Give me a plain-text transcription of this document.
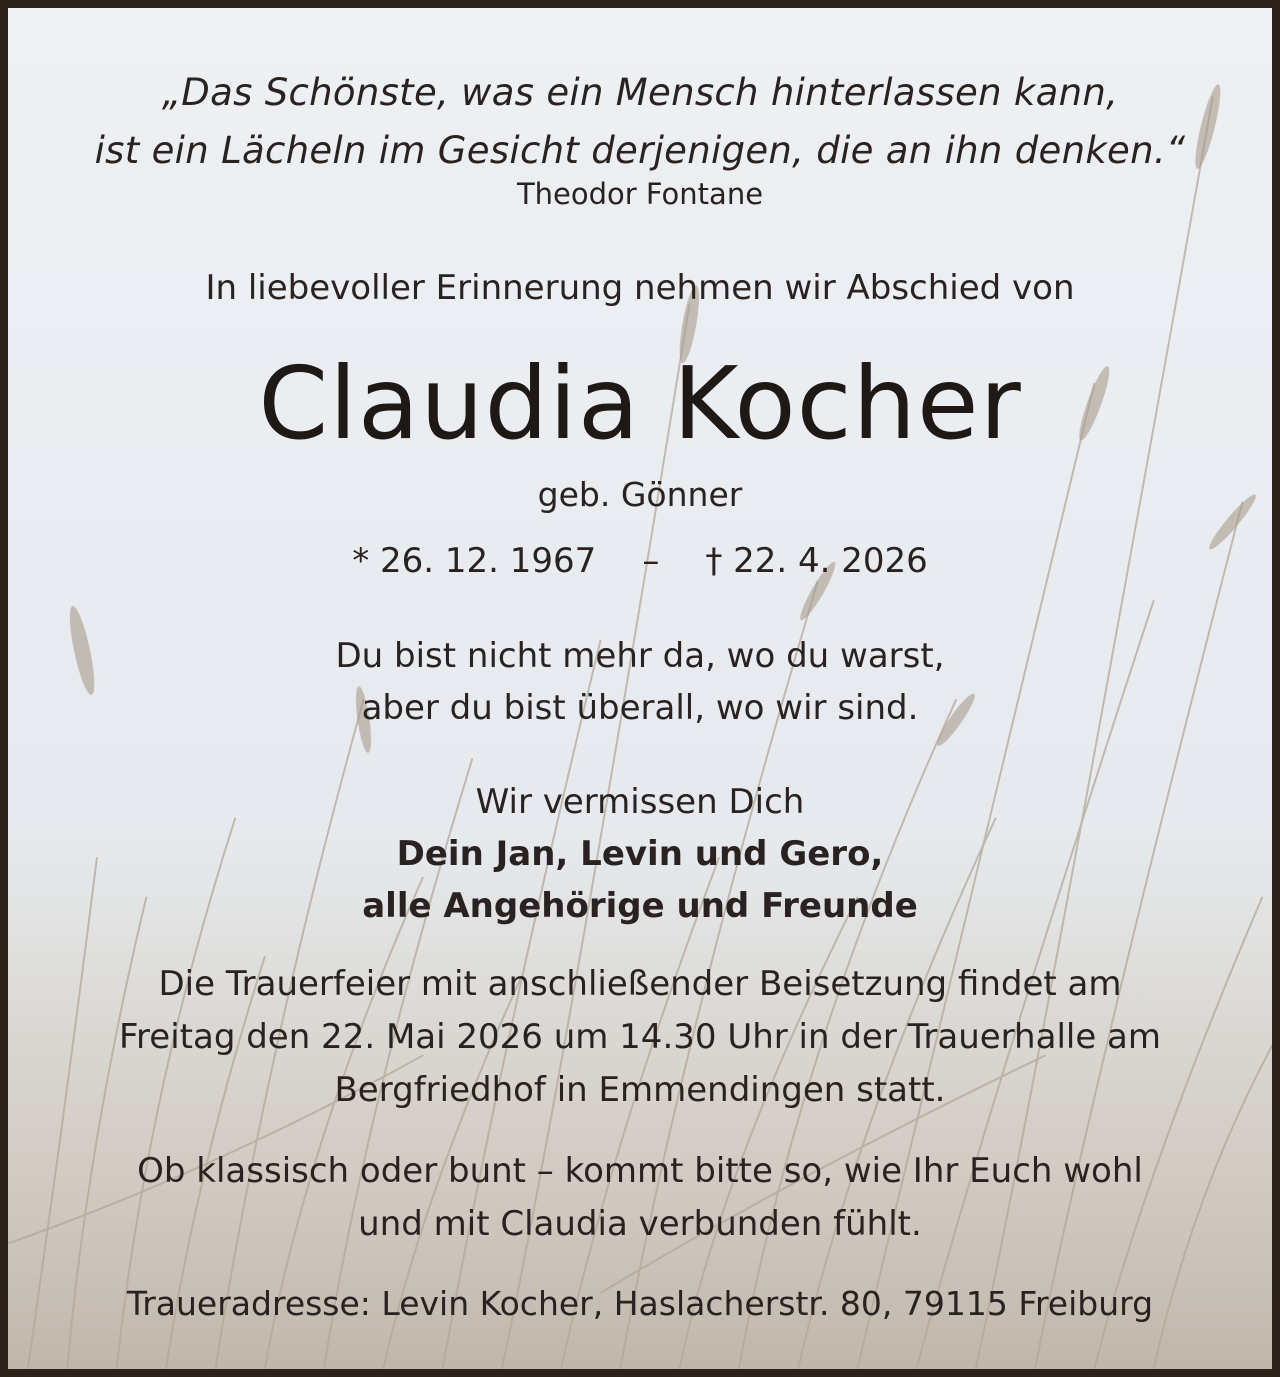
„Das Schönste, was ein Mensch hinterlassen kann,
ist ein Lächeln im Gesicht derjenigen, die an ihn denken.“
Theodor Fontane
In liebevoller Erinnerung nehmen wir Abschied von
Claudia Kocher
geb. Gönner
* 26. 12. 1967 – † 22. 4. 2026
Du bist nicht mehr da, wo du warst,
aber du bist überall, wo wir sind.
Wir vermissen Dich
Dein Jan, Levin und Gero,
alle Angehörige und Freunde
Die Trauerfeier mit anschließender Beisetzung findet am
Freitag den 22. Mai 2026 um 14.30 Uhr in der Trauerhalle am
Bergfriedhof in Emmendingen statt.
Ob klassisch oder bunt – kommt bitte so, wie Ihr Euch wohl
und mit Claudia verbunden fühlt.
Traueradresse: Levin Kocher, Haslacherstr. 80, 79115 Freiburg
